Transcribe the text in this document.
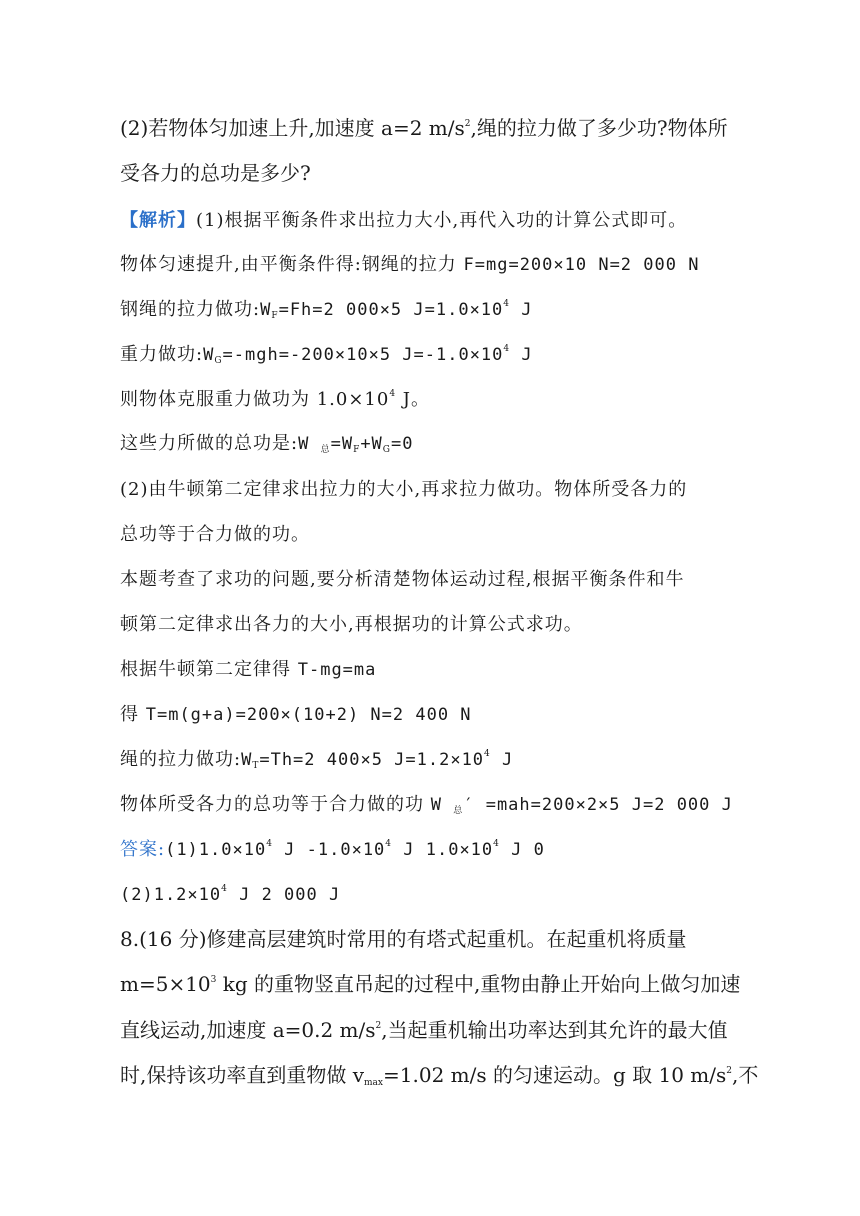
(2)若物体匀加速上升,加速度 a=2 $m/s^2$,绳的拉力做了多少功?物体所
受各力的总功是多少?
【解析】(1)根据平衡条件求出拉力大小,再代入功的计算公式即可。
物体匀速提升,由平衡条件得:钢绳的拉力 F=mg=200×10 N=2 000 N
钢绳的拉力做功$:W_F=Fh=2$ 000×5 $J=1.0\times 10^4$ J
重力做功$:W_G=-mgh=-200\times 10\times 5$ $J=-1.0\times 10^4$ J
则物体克服重力做功为 $1.0\times 10^4$ J。
这些力所做的总功是:W $_总=W_F+W_G=0$
(2)由牛顿第二定律求出拉力的大小,再求拉力做功。物体所受各力的
总功等于合力做的功。
本题考查了求功的问题,要分析清楚物体运动过程,根据平衡条件和牛
顿第二定律求出各力的大小,再根据功的计算公式求功。
根据牛顿第二定律得 T-mg=ma
得 T=m(g+a)=200×(10+2) N=2 400 N
绳的拉力做功$:W_T=Th=2$ 400×5 $J=1.2\times 10^4$ J
物体所受各力的总功等于合力做的功 W $_总$′ =mah=200×2×5 J=2 000 J
答案$:(1)1.0\times 10^4$ J $-1.0\times 10^4$ J $1.0\times 10^4$ J 0
$(2)1.2\times 10^4$ J 2 000 J
8.(16 分)修建高层建筑时常用的有塔式起重机。在起重机将质量
$m=5\times 10^3$ kg 的重物竖直吊起的过程中,重物由静止开始向上做匀加速
直线运动,加速度 a=0.2 $m/s^2$,当起重机输出功率达到其允许的最大值
时,保持该功率直到重物做 $v_{max}=1.02$ m/s 的匀速运动。g 取 10 $m/s^2$,不
